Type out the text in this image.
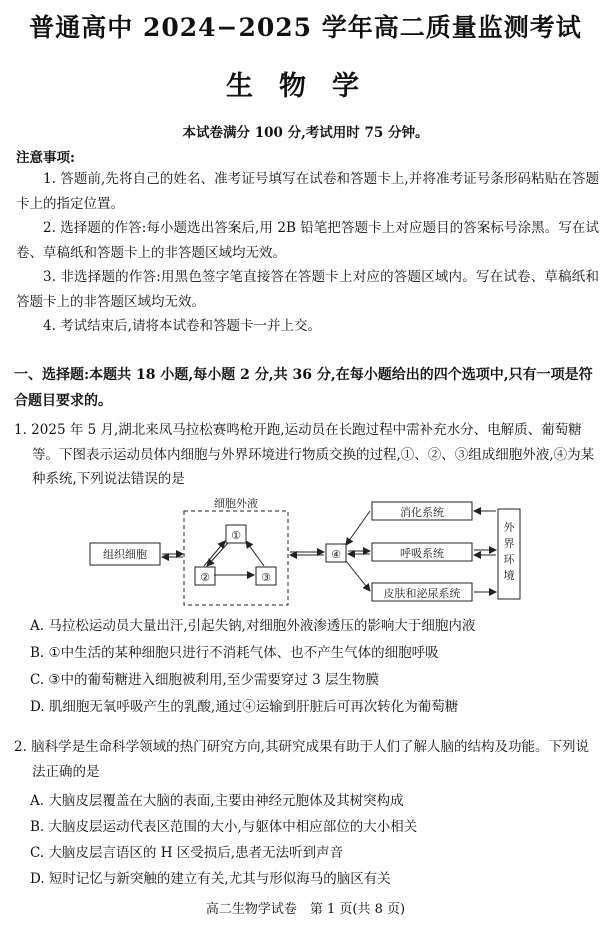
普通高中 2024−2025 学年高二质量监测考试
生物学
本试卷满分 100 分,考试用时 75 分钟。
注意事项:
1. 答题前,先将自己的姓名、准考证号填写在试卷和答题卡上,并将准考证号条形码粘贴在答题卡上的指定位置。
2. 选择题的作答:每小题选出答案后,用 2B 铅笔把答题卡上对应题目的答案标号涂黑。写在试卷、草稿纸和答题卡上的非答题区域均无效。
3. 非选择题的作答:用黑色签字笔直接答在答题卡上对应的答题区域内。写在试卷、草稿纸和答题卡上的非答题区域均无效。
4. 考试结束后,请将本试卷和答题卡一并上交。
一、选择题:本题共 18 小题,每小题 2 分,共 36 分,在每小题给出的四个选项中,只有一项是符合题目要求的。
1. 2025 年 5 月,湖北来凤马拉松赛鸣枪开跑,运动员在长跑过程中需补充水分、电解质、葡萄糖等。下图表示运动员体内细胞与外界环境进行物质交换的过程,①、②、③组成细胞外液,④为某种系统,下列说法错误的是
细胞外液
组织细胞
①
②	③
④
消化系统
呼吸系统
皮肤和泌尿系统
外界环境
A. 马拉松运动员大量出汗,引起失钠,对细胞外液渗透压的影响大于细胞内液
B. ①中生活的某种细胞只进行不消耗气体、也不产生气体的细胞呼吸
C. ③中的葡萄糖进入细胞被利用,至少需要穿过 3 层生物膜
D. 肌细胞无氧呼吸产生的乳酸,通过④运输到肝脏后可再次转化为葡萄糖
2. 脑科学是生命科学领域的热门研究方向,其研究成果有助于人们了解人脑的结构及功能。下列说法正确的是
A. 大脑皮层覆盖在大脑的表面,主要由神经元胞体及其树突构成
B. 大脑皮层运动代表区范围的大小,与躯体中相应部位的大小相关
C. 大脑皮层言语区的 H 区受损后,患者无法听到声音
D. 短时记忆与新突触的建立有关,尤其与形似海马的脑区有关
高二生物学试卷　第 1 页(共 8 页)
